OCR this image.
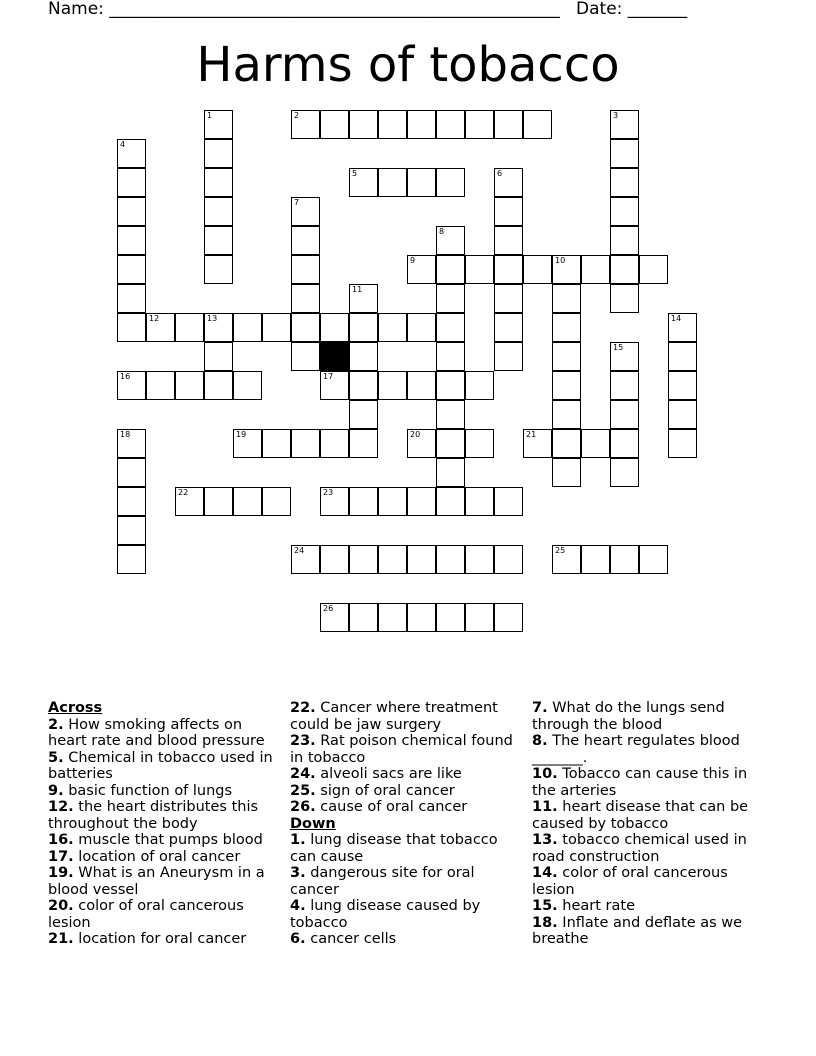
Name: _____________________________________________________ Date: _______
Harms of tobacco
2
5
9	10
12	13
16	17
19	20	21
22	23
24	25
26
1	3
4
6
7
8
11
14
15
18
Across
2. How smoking affects on heart rate and blood pressure
5. Chemical in tobacco used in batteries
9. basic function of lungs
12. the heart distributes this throughout the body
16. muscle that pumps blood
17. location of oral cancer
19. What is an Aneurysm in a blood vessel
20. color of oral cancerous lesion
21. location for oral cancer
22. Cancer where treatment could be jaw surgery
23. Rat poison chemical found in tobacco
24. alveoli sacs are like
25. sign of oral cancer
26. cause of oral cancer
Down
1. lung disease that tobacco can cause
3. dangerous site for oral cancer
4. lung disease caused by tobacco
6. cancer cells
7. What do the lungs send through the blood
8. The heart regulates blood _______.
10. Tobacco can cause this in the arteries
11. heart disease that can be caused by tobacco
13. tobacco chemical used in road construction
14. color of oral cancerous lesion
15. heart rate
18. Inflate and deflate as we breathe
